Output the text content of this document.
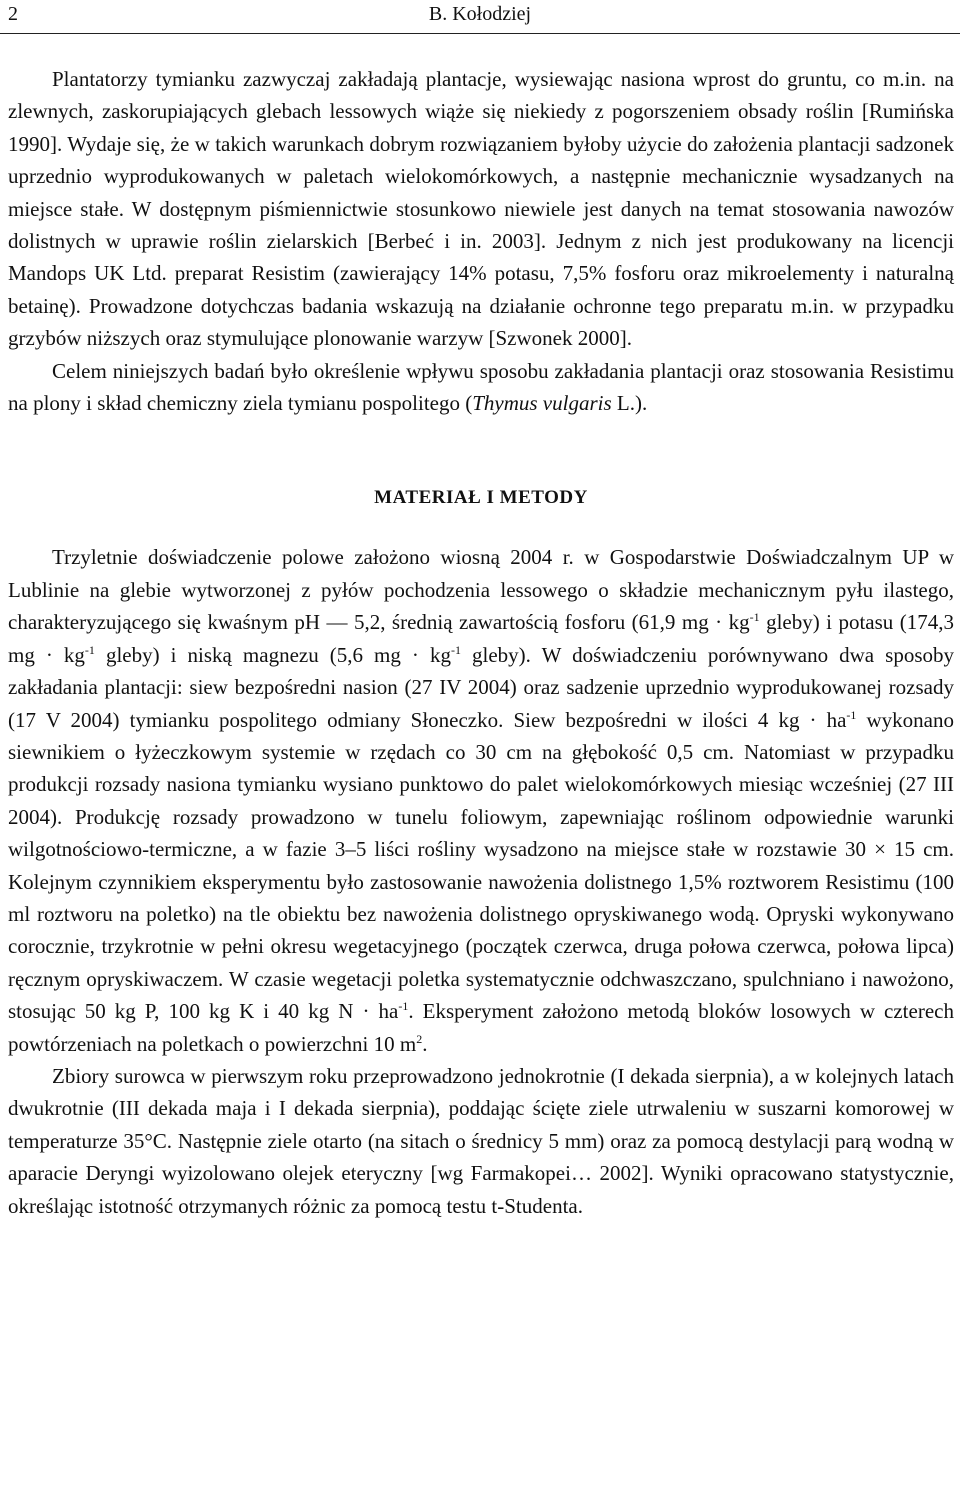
2	B. Kołodziej

Plantatorzy tymianku zazwyczaj zakładają plantacje, wysiewając nasiona wprost do gruntu, co m.in. na zlewnych, zaskorupiających glebach lessowych wiąże się niekiedy z pogorszeniem obsady roślin [Rumińska 1990]. Wydaje się, że w takich warunkach dobrym rozwiązaniem byłoby użycie do założenia plantacji sadzonek uprzednio wyprodukowanych w paletach wielokomórkowych, a następnie mechanicznie wysadzanych na miejsce stałe. W dostępnym piśmiennictwie stosunkowo niewiele jest danych na temat stosowania nawozów dolistnych w uprawie roślin zielarskich [Berbeć i in. 2003]. Jednym z nich jest produkowany na licencji Mandops UK Ltd. preparat Resistim (zawierający 14% potasu, 7,5% fosforu oraz mikroelementy i naturalną betainę). Prowadzone dotychczas badania wskazują na działanie ochronne tego preparatu m.in. w przypadku grzybów niższych oraz stymulujące plonowanie warzyw [Szwonek 2000].

Celem niniejszych badań było określenie wpływu sposobu zakładania plantacji oraz stosowania Resistimu na plony i skład chemiczny ziela tymianu pospolitego (Thymus vulgaris L.).

MATERIAŁ I METODY

Trzyletnie doświadczenie polowe założono wiosną 2004 r. w Gospodarstwie Doświadczalnym UP w Lublinie na glebie wytworzonej z pyłów pochodzenia lessowego o składzie mechanicznym pyłu ilastego, charakteryzującego się kwaśnym pH — 5,2, średnią zawartością fosforu (61,9 mg · $kg^{-1}$ gleby) i potasu (174,3 mg · $kg^{-1}$ gleby) i niską magnezu (5,6 mg · $kg^{-1}$ gleby). W doświadczeniu porównywano dwa sposoby zakładania plantacji: siew bezpośredni nasion (27 IV 2004) oraz sadzenie uprzednio wyprodukowanej rozsady (17 V 2004) tymianku pospolitego odmiany Słoneczko. Siew bezpośredni w ilości 4 kg · $ha^{-1}$ wykonano siewnikiem o łyżeczkowym systemie w rzędach co 30 cm na głębokość 0,5 cm. Natomiast w przypadku produkcji rozsady nasiona tymianku wysiano punktowo do palet wielokomórkowych miesiąc wcześniej (27 III 2004). Produkcję rozsady prowadzono w tunelu foliowym, zapewniając roślinom odpowiednie warunki wilgotnościowo-termiczne, a w fazie 3–5 liści rośliny wysadzono na miejsce stałe w rozstawie 30 × 15 cm. Kolejnym czynnikiem eksperymentu było zastosowanie nawożenia dolistnego 1,5% roztworem Resistimu (100 ml roztworu na poletko) na tle obiektu bez nawożenia dolistnego opryskiwanego wodą. Opryski wykonywano corocznie, trzykrotnie w pełni okresu wegetacyjnego (początek czerwca, druga połowa czerwca, połowa lipca) ręcznym opryskiwaczem. W czasie wegetacji poletka systematycznie odchwaszczano, spulchniano i nawożono, stosując 50 kg P, 100 kg K i 40 kg $N \cdot ha^{-1}$. Eksperyment założono metodą bloków losowych w czterech powtórzeniach na poletkach o powierzchni 10 $m^2$.

Zbiory surowca w pierwszym roku przeprowadzono jednokrotnie (I dekada sierpnia), a w kolejnych latach dwukrotnie (III dekada maja i I dekada sierpnia), poddając ścięte ziele utrwaleniu w suszarni komorowej w temperaturze 35°C. Następnie ziele otarto (na sitach o średnicy 5 mm) oraz za pomocą destylacji parą wodną w aparacie Deryngi wyizolowano olejek eteryczny [wg Farmakopei… 2002]. Wyniki opracowano statystycznie, określając istotność otrzymanych różnic za pomocą testu t-Studenta.
